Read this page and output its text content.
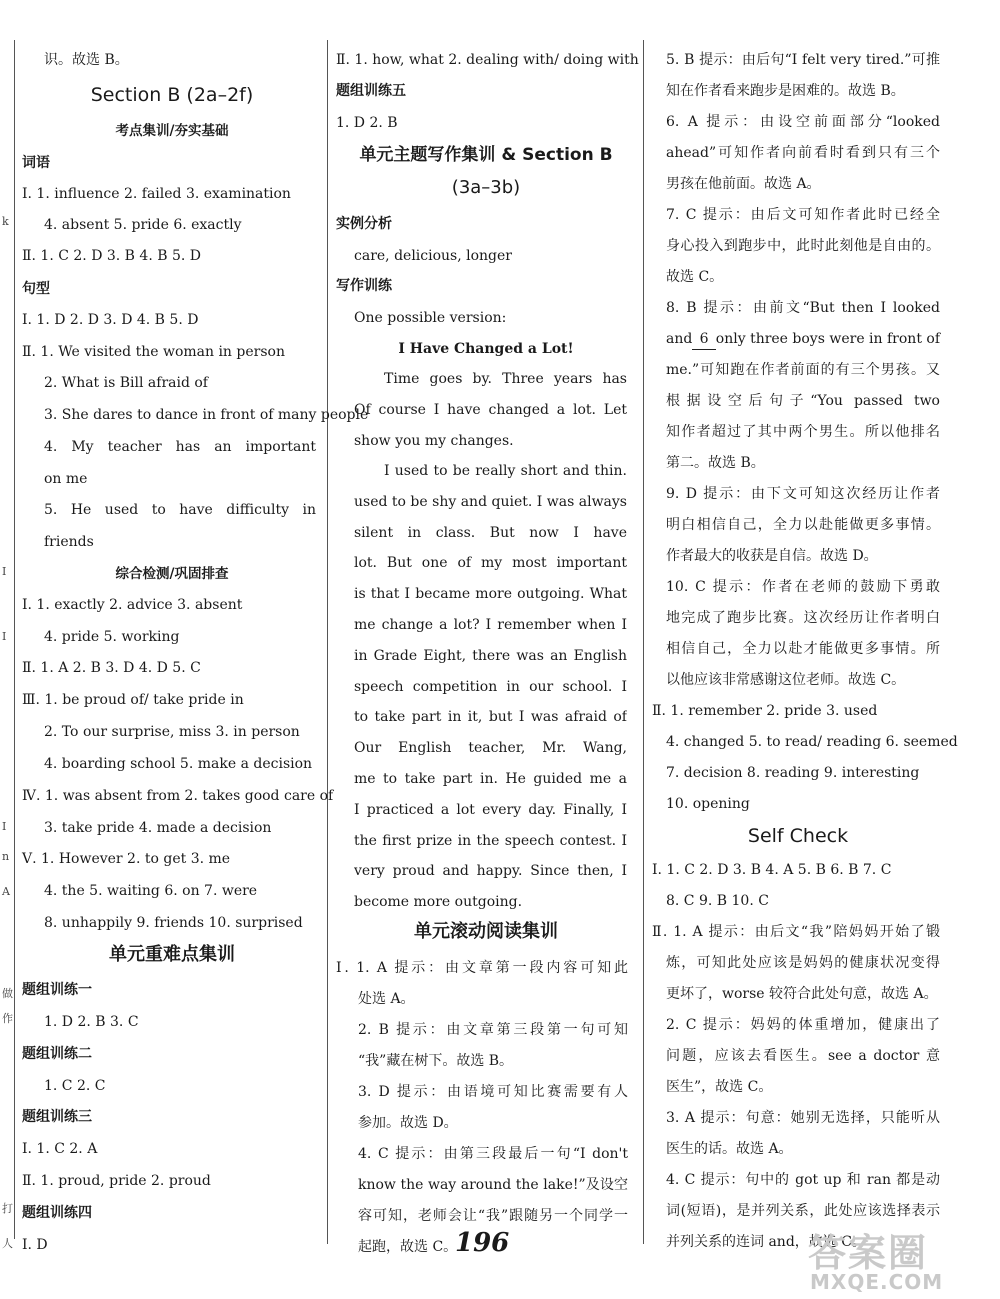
k
I
I
I
n
A
做
作
打
人
识。故选 B。
Section B (2a–2f)
考点集训/夯实基础
词语
Ⅰ. 1. influence 2. failed 3. examination
4. absent 5. pride 6. exactly
Ⅱ. 1. C 2. D 3. B 4. B 5. D
句型
Ⅰ. 1. D 2. D 3. D 4. B 5. D
Ⅱ. 1. We visited the woman in person
2. What is Bill afraid of
3. She dares to dance in front of many people
4. My teacher has an important
on me
5. He used to have difficulty in
friends
综合检测/巩固排查
Ⅰ. 1. exactly 2. advice 3. absent
4. pride 5. working
Ⅱ. 1. A 2. B 3. D 4. D 5. C
Ⅲ. 1. be proud of/ take pride in
2. To our surprise, miss 3. in person
4. boarding school 5. make a decision
Ⅳ. 1. was absent from 2. takes good care of
3. take pride 4. made a decision
Ⅴ. 1. However 2. to get 3. me
4. the 5. waiting 6. on 7. were
8. unhappily 9. friends 10. surprised
单元重难点集训
题组训练一
1. D 2. B 3. C
题组训练二
1. C 2. C
题组训练三
Ⅰ. 1. C 2. A
Ⅱ. 1. proud, pride 2. proud
题组训练四
Ⅰ. D
Ⅱ. 1. how, what 2. dealing with/ doing with
题组训练五
1. D 2. B
单元主题写作集训 & Section B
(3a–3b)
实例分析
care, delicious, longer
写作训练
One possible version:
I Have Changed a Lot!
Time goes by. Three years has
Of course I have changed a lot. Let
show you my changes.
I used to be really short and thin.
used to be shy and quiet. I was always
silent in class. But now I have
lot. But one of my most important
is that I became more outgoing. What
me change a lot? I remember when I
in Grade Eight, there was an English
speech competition in our school. I
to take part in it, but I was afraid of
Our English teacher, Mr. Wang,
me to take part in. He guided me a
I practiced a lot every day. Finally, I
the first prize in the speech contest. I
very proud and happy. Since then, I
become more outgoing.
单元滚动阅读集训
Ⅰ. 1. A 提示：由文章第一段内容可知此
处选 A。
2. B 提示：由文章第三段第一句可知
“我”藏在树下。故选 B。
3. D 提示：由语境可知比赛需要有人
参加。故选 D。
4. C 提示：由第三段最后一句“I don't
know the way around the lake!”及设空
容可知，老师会让“我”跟随另一个同学一
起跑，故选 C。
5. B 提示：由后句“I felt very tired.”可推
知在作者看来跑步是困难的。故选 B。
6. A 提示：由设空前面部分“looked
ahead”可知作者向前看时看到只有三个
男孩在他前面。故选 A。
7. C 提示：由后文可知作者此时已经全
身心投入到跑步中，此时此刻他是自由的。
故选 C。
8. B 提示：由前文“But then I looked
and 6 only three boys were in front of
me.”可知跑在作者前面的有三个男孩。又
根据设空后句子“You passed two
知作者超过了其中两个男生。所以他排名
第二。故选 B。
9. D 提示：由下文可知这次经历让作者
明白相信自己，全力以赴能做更多事情。
作者最大的收获是自信。故选 D。
10. C 提示：作者在老师的鼓励下勇敢
地完成了跑步比赛。这次经历让作者明白
相信自己，全力以赴才能做更多事情。所
以他应该非常感谢这位老师。故选 C。
Ⅱ. 1. remember 2. pride 3. used
4. changed 5. to read/ reading 6. seemed
7. decision 8. reading 9. interesting
10. opening
Self Check
Ⅰ. 1. C 2. D 3. B 4. A 5. B 6. B 7. C
8. C 9. B 10. C
Ⅱ. 1. A 提示：由后文“我”陪妈妈开始了锻
炼，可知此处应该是妈妈的健康状况变得
更坏了，worse 较符合此处句意，故选 A。
2. C 提示：妈妈的体重增加，健康出了
问题，应该去看医生。see a doctor 意
医生”，故选 C。
3. A 提示：句意：她别无选择，只能听从
医生的话。故选 A。
4. C 提示：句中的 got up 和 ran 都是动
词(短语)，是并列关系，此处应该选择表示
并列关系的连词 and，故选 C。
196	答案圈
MXQE.COM
